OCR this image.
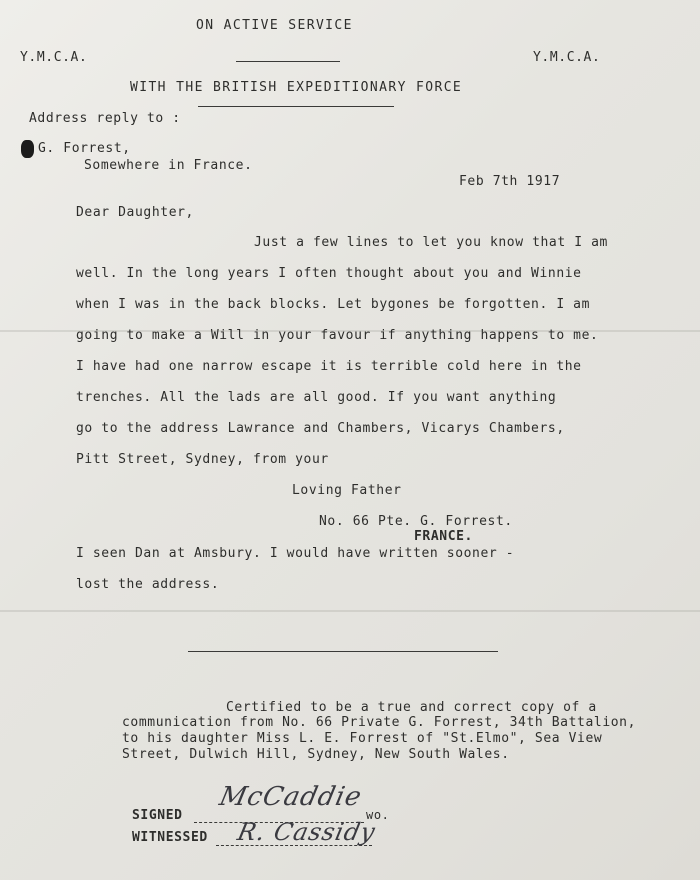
ON ACTIVE SERVICE
Y.M.C.A.	Y.M.C.A.
WITH THE BRITISH EXPEDITIONARY FORCE
Address reply to :
G. Forrest,
Somewhere in France.
Feb 7th 1917
Dear Daughter,
Just a few lines to let you know that I am
well. In the long years I often thought about you and Winnie
when I was in the back blocks. Let bygones be forgotten. I am
going to make a Will in your favour if anything happens to me.
I have had one narrow escape it is terrible cold here in the
trenches. All the lads are all good. If you want anything
go to the address Lawrance and Chambers, Vicarys Chambers,
Pitt Street, Sydney, from your
Loving Father
No. 66 Pte. G. Forrest.
FRANCE.
I seen Dan at Amsbury. I would have written sooner -
lost the address.
Certified to be a true and correct copy of a
communication from No. 66 Private G. Forrest, 34th Battalion,
to his daughter Miss L. E. Forrest of "St.Elmo", Sea View
Street, Dulwich Hill, Sydney, New South Wales.
SIGNED
McCaddie
wo.
WITNESSED R. Cassidy
